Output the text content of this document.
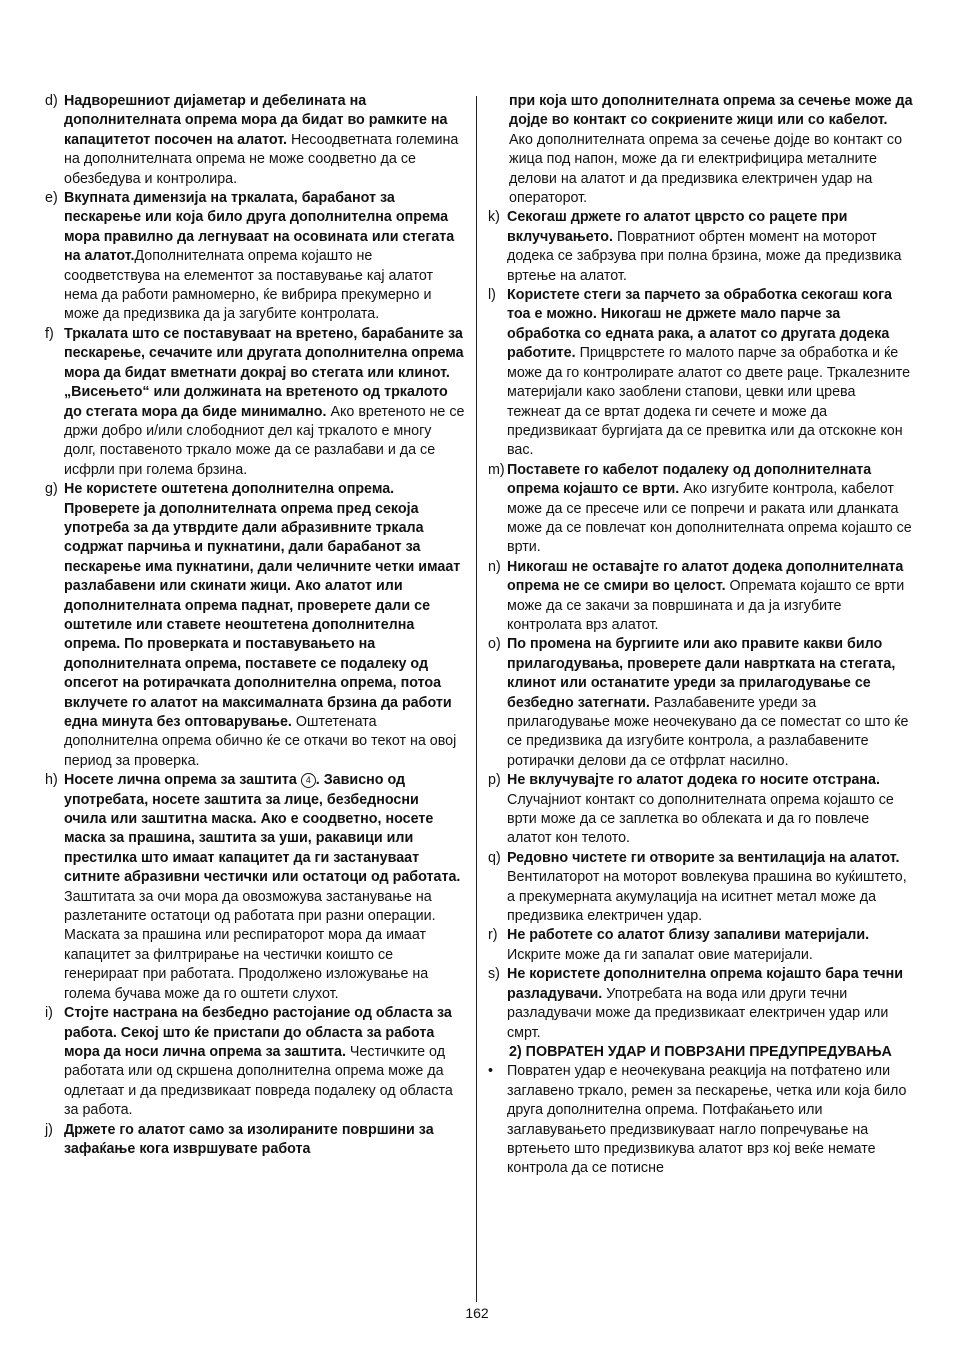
d) Надворешниот дијаметар и дебелината на дополнителната опрема мора да бидат во рамките на капацитетот посочен на алатот. Несоодветната големина на дополнителната опрема не може соодветно да се обезбедува и контролира.
e) Вкупната димензија на тркалата, барабанот за пескарење или која било друга дополнителна опрема мора правилно да легнуваат на осовината или стегата на алатот.Дополнителната опрема којашто не соодветствува на елементот за поставување кај алатот нема да работи рамномерно, ќе вибрира прекумерно и може да предизвика да ја загубите контролата.
f) Тркалата што се поставуваат на вретено, барабаните за пескарење, сечачите или другата дополнителна опрема мора да бидат вметнати докрај во стегата или клинот. „Висењето“ или должината на вретеното од тркалото до стегата мора да биде минимално. Ако вретеното не се држи добро и/или слободниот дел кај тркалото е многу долг, поставеното тркало може да се разлабави и да се исфрли при голема брзина.
g) Не користете оштетена дополнителна опрема. Проверете ја дополнителната опрема пред секоја употреба за да утврдите дали абразивните тркала содржат парчиња и пукнатини, дали барабанот за пескарење има пукнатини, дали челичните четки имаат разлабавени или скинати жици. Ако алатот или дополнителната опрема паднат, проверете дали се оштетиле или ставете неоштетена дополнителна опрема. По проверката и поставувањето на дополнителната опрема, поставете се подалеку од опсегот на ротирачката дополнителна опрема, потоа вклучете го алатот на максималната брзина да работи една минута без оптоварување. Оштетената дополнителна опрема обично ќе се откачи во текот на овој период за проверка.
h) Носете лична опрема за заштита 4 . Зависно од употребата, носете заштита за лице, безбедносни очила или заштитна маска. Ако е соодветно, носете маска за прашина, заштита за уши, ракавици или престилка што имаат капацитет да ги застануваат ситните абразивни честички или остатоци од работата. Заштитата за очи мора да овозможува застанување на разлетаните остатоци од работата при разни операции. Маската за прашина или респираторот мора да имаат капацитет за филтрирање на честички коишто се генерираат при работата. Продолжено изложување на голема бучава може да го оштети слухот.
i) Стојте настрана на безбедно растојание од областа за работа. Секој што ќе пристапи до областа за работа мора да носи лична опрема за заштита. Честичките од работата или од скршена дополнителна опрема може да одлетаат и да предизвикаат повреда подалеку од областа за работа.
j) Држете го алатот само за изолираните површини за зафаќање кога извршувате работа
при која што дополнителната опрема за сечење може да дојде во контакт со сокриените жици или со кабелот. Ако дополнителната опрема за сечење дојде во контакт со жица под напон, може да ги електрифицира металните делови на алатот и да предизвика електричен удар на операторот.
k) Секогаш држете го алатот цврсто со рацете при вклучувањето. Повратниот обртен момент на моторот додека се забрзува при полна брзина, може да предизвика вртење на алатот.
l) Користете стеги за парчето за обработка секогаш кога тоа е можно. Никогаш не држете мало парче за обработка со едната рака, а алатот со другата додека работите. Прицврстете го малото парче за обработка и ќе може да го контролирате алатот со двете раце. Тркалезните материјали како заоблени стапови, цевки или црева тежнеат да се вртат додека ги сечете и може да предизвикаат бургијата да се превитка или да отскокне кон вас.
m) Поставете го кабелот подалеку од дополнителната опрема којашто се врти. Ако изгубите контрола, кабелот може да се пресече или се попречи и раката или дланката може да се повлечат кон дополнителната опрема којашто се врти.
n) Никогаш не оставајте го алатот додека дополнителната опрема не се смири во целост. Опремата којашто се врти може да се закачи за површината и да ја изгубите контролата врз алатот.
o) По промена на бургиите или ако правите какви било прилагодувања, проверете дали навртката на стегата, клинот или останатите уреди за прилагодување се безбедно затегнати. Разлабавените уреди за прилагодување може неочекувано да се поместат со што ќе се предизвика да изгубите контрола, а разлабавените ротирачки делови да се отфрлат насилно.
p) Не вклучувајте го алатот додека го носите отстрана. Случајниот контакт со дополнителната опрема којашто се врти може да се заплетка во облеката и да го повлече алатот кон телото.
q) Редовно чистете ги отворите за вентилација на алатот. Вентилаторот на моторот вовлекува прашина во куќиштето, а прекумерната акумулација на иситнет метал може да предизвика електричен удар.
r) Не работете со алатот близу запаливи материјали. Искрите може да ги запалат овие материјали.
s) Не користете дополнителна опрема којашто бара течни разладувачи. Употребата на вода или други течни разладувачи може да предизвикаат електричен удар или смрт.
2) ПОВРАТЕН УДАР И ПОВРЗАНИ ПРЕДУПРЕДУВАЊА
• Повратен удар е неочекувана реакција на потфатено или заглавено тркало, ремен за пескарење, четка или која било друга дополнителна опрема. Потфаќањето или заглавувањето предизвикуваат нагло попречување на вртењето што предизвикува алатот врз кој веќе немате контрола да се потисне
162
